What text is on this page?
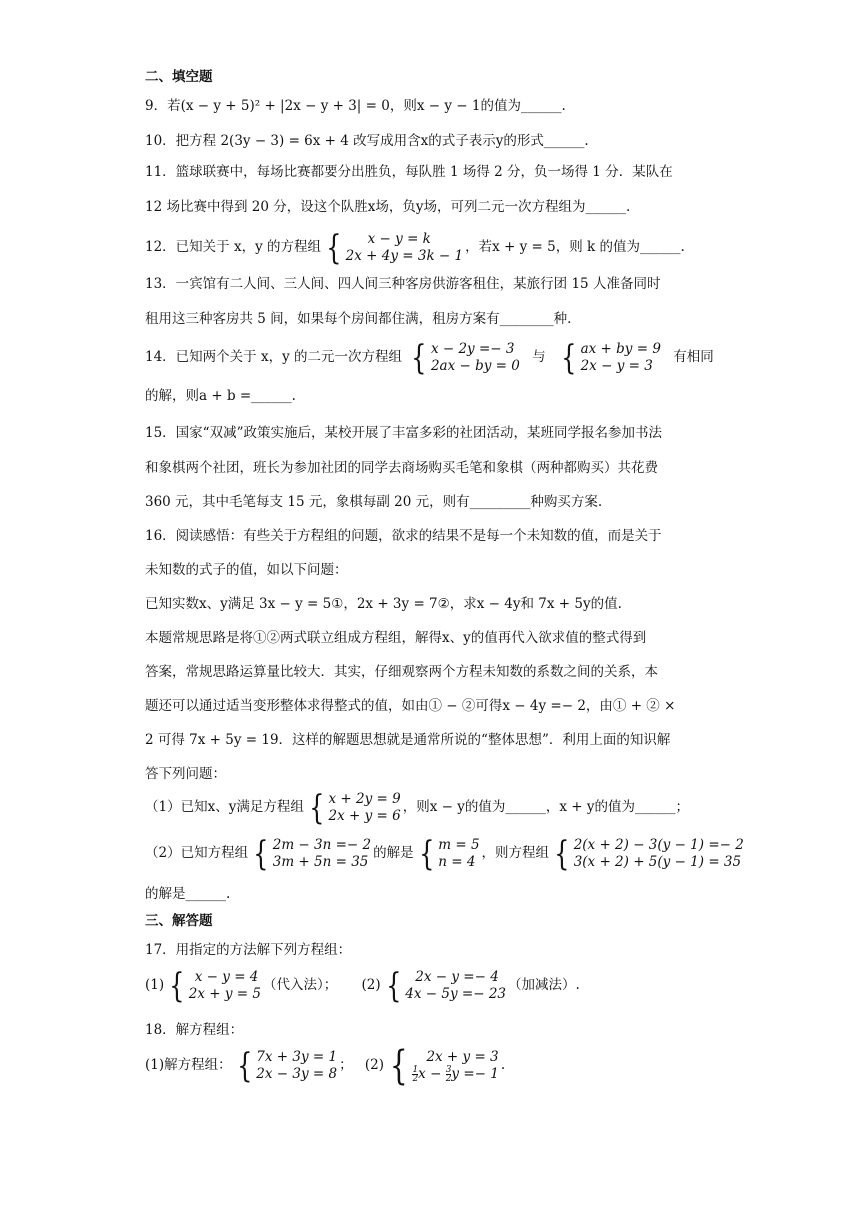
二、填空题
9．若(x − y + 5)² + |2x − y + 3| = 0，则x − y − 1的值为______.
10．把方程 2(3y − 3) = 6x + 4 改写成用含x的式子表示y的形式______.
11．篮球联赛中，每场比赛都要分出胜负，每队胜 1 场得 2 分，负一场得 1 分．某队在
12 场比赛中得到 20 分，设这个队胜x场，负y场，可列二元一次方程组为______.
12．已知关于 x，y 的方程组 {	x − y = k
2x + 4y = 3k − 1
，若x + y = 5，则 k 的值为______.
13．一宾馆有二人间、三人间、四人间三种客房供游客租住，某旅行团 15 人准备同时
租用这三种客房共 5 间，如果每个房间都住满，租房方案有________种.
14．已知两个关于 x，y 的二元一次方程组 { x − 2y =− 3
2ax − by = 0
与 { ax + by = 9
2x − y = 3
有相同
的解，则a + b =______.
15．国家“双减”政策实施后，某校开展了丰富多彩的社团活动，某班同学报名参加书法
和象棋两个社团，班长为参加社团的同学去商场购买毛笔和象棋（两种都购买）共花费
360 元，其中毛笔每支 15 元，象棋每副 20 元，则有_________种购买方案.
16．阅读感悟：有些关于方程组的问题，欲求的结果不是每一个未知数的值，而是关于
未知数的式子的值，如以下问题：
已知实数x、y满足 3x − y = 5①，2x + 3y = 7②，求x − 4y和 7x + 5y的值.
本题常规思路是将①②两式联立组成方程组，解得x、y的值再代入欲求值的整式得到
答案，常规思路运算量比较大．其实，仔细观察两个方程未知数的系数之间的关系，本
题还可以通过适当变形整体求得整式的值，如由① − ②可得x − 4y =− 2，由① + ② ×
2 可得 7x + 5y = 19．这样的解题思想就是通常所说的“整体思想”．利用上面的知识解
答下列问题：
（1）已知x、y满足方程组 { x + 2y = 9
2x + y = 6
，则x − y的值为______，x + y的值为______；
（2）已知方程组 { 2m − 3n =− 2
3m + 5n = 35
的解是 { m = 5
n = 4
，则方程组 { 2(x + 2) − 3(y − 1) =− 2
3(x + 2) + 5(y − 1) = 35
的解是______.
三、解答题
17．用指定的方法解下列方程组：
(1) { x − y = 4
2x + y = 5
（代入法）； (2) {	2x − y =− 4
4x − 5y =− 23
（加减法）.
18．解方程组：
(1)解方程组： { 7x + 3y = 1
2x − 3y = 8
； (2) {	2x + y = 3
$\frac{1}{2}$ $x - \frac{3}{2}$ y =− 1
.
